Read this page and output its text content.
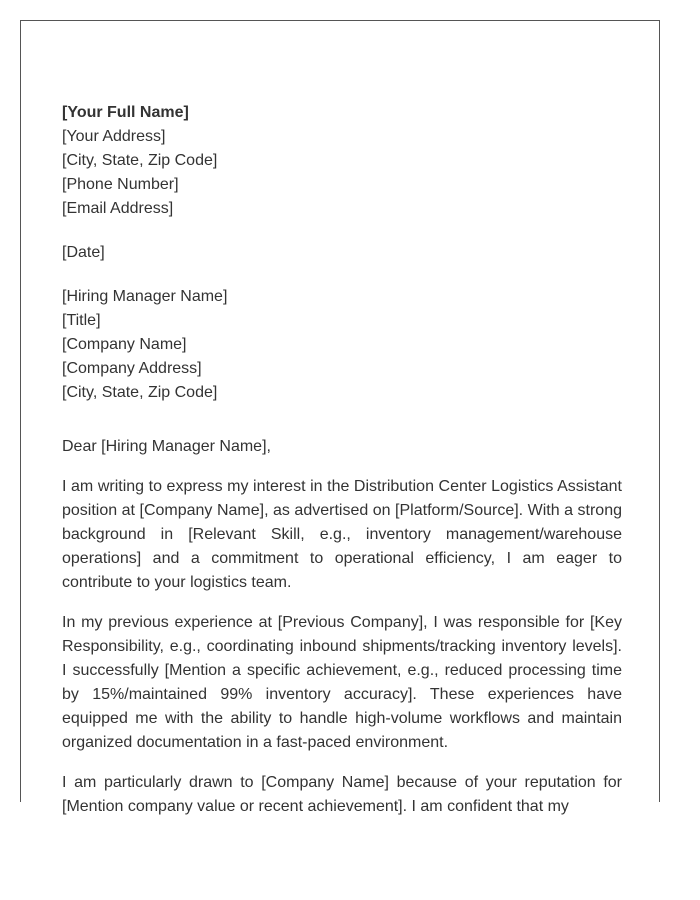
[Your Full Name]
[Your Address]
[City, State, Zip Code]
[Phone Number]
[Email Address]
[Date]
[Hiring Manager Name]
[Title]
[Company Name]
[Company Address]
[City, State, Zip Code]
Dear [Hiring Manager Name],

I am writing to express my interest in the Distribution Center Logistics Assistant position at [Company Name], as advertised on [Platform/Source]. With a strong background in [Relevant Skill, e.g., inventory management/warehouse operations] and a commitment to operational efficiency, I am eager to contribute to your logistics team.

In my previous experience at [Previous Company], I was responsible for [Key Responsibility, e.g., coordinating inbound shipments/tracking inventory levels]. I successfully [Mention a specific achievement, e.g., reduced processing time by 15%/maintained 99% inventory accuracy]. These experiences have equipped me with the ability to handle high-volume workflows and maintain organized documentation in a fast-paced environment.

I am particularly drawn to [Company Name] because of your reputation for [Mention company value or recent achievement]. I am confident that my
